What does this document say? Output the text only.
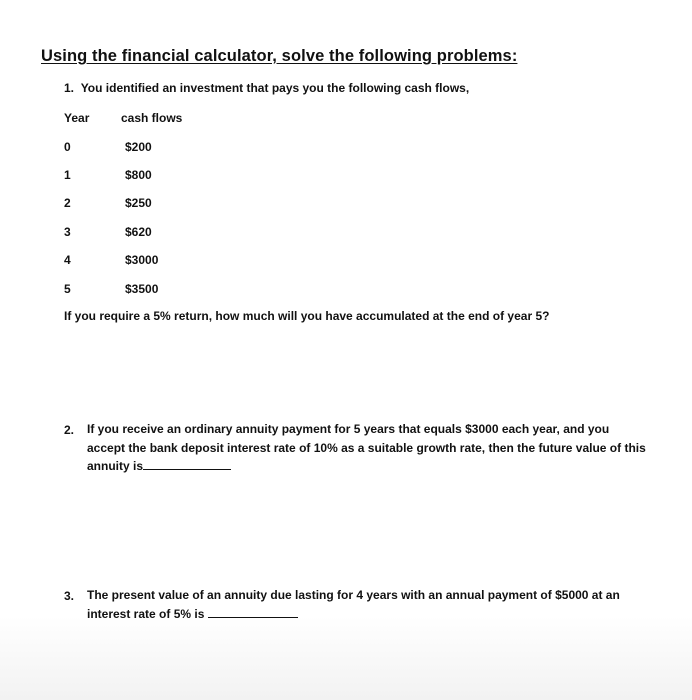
Using the financial calculator, solve the following problems:
1. You identified an investment that pays you the following cash flows,
Year	cash flows
0	$200
1	$800
2	$250
3	$620
4	$3000
5	$3500
If you require a 5% return, how much will you have accumulated at the end of year 5?
2. If you receive an ordinary annuity payment for 5 years that equals $3000 each year, and you accept the bank deposit interest rate of 10% as a suitable growth rate, then the future value of this annuity is
3. The present value of an annuity due lasting for 4 years with an annual payment of $5000 at an interest rate of 5% is
